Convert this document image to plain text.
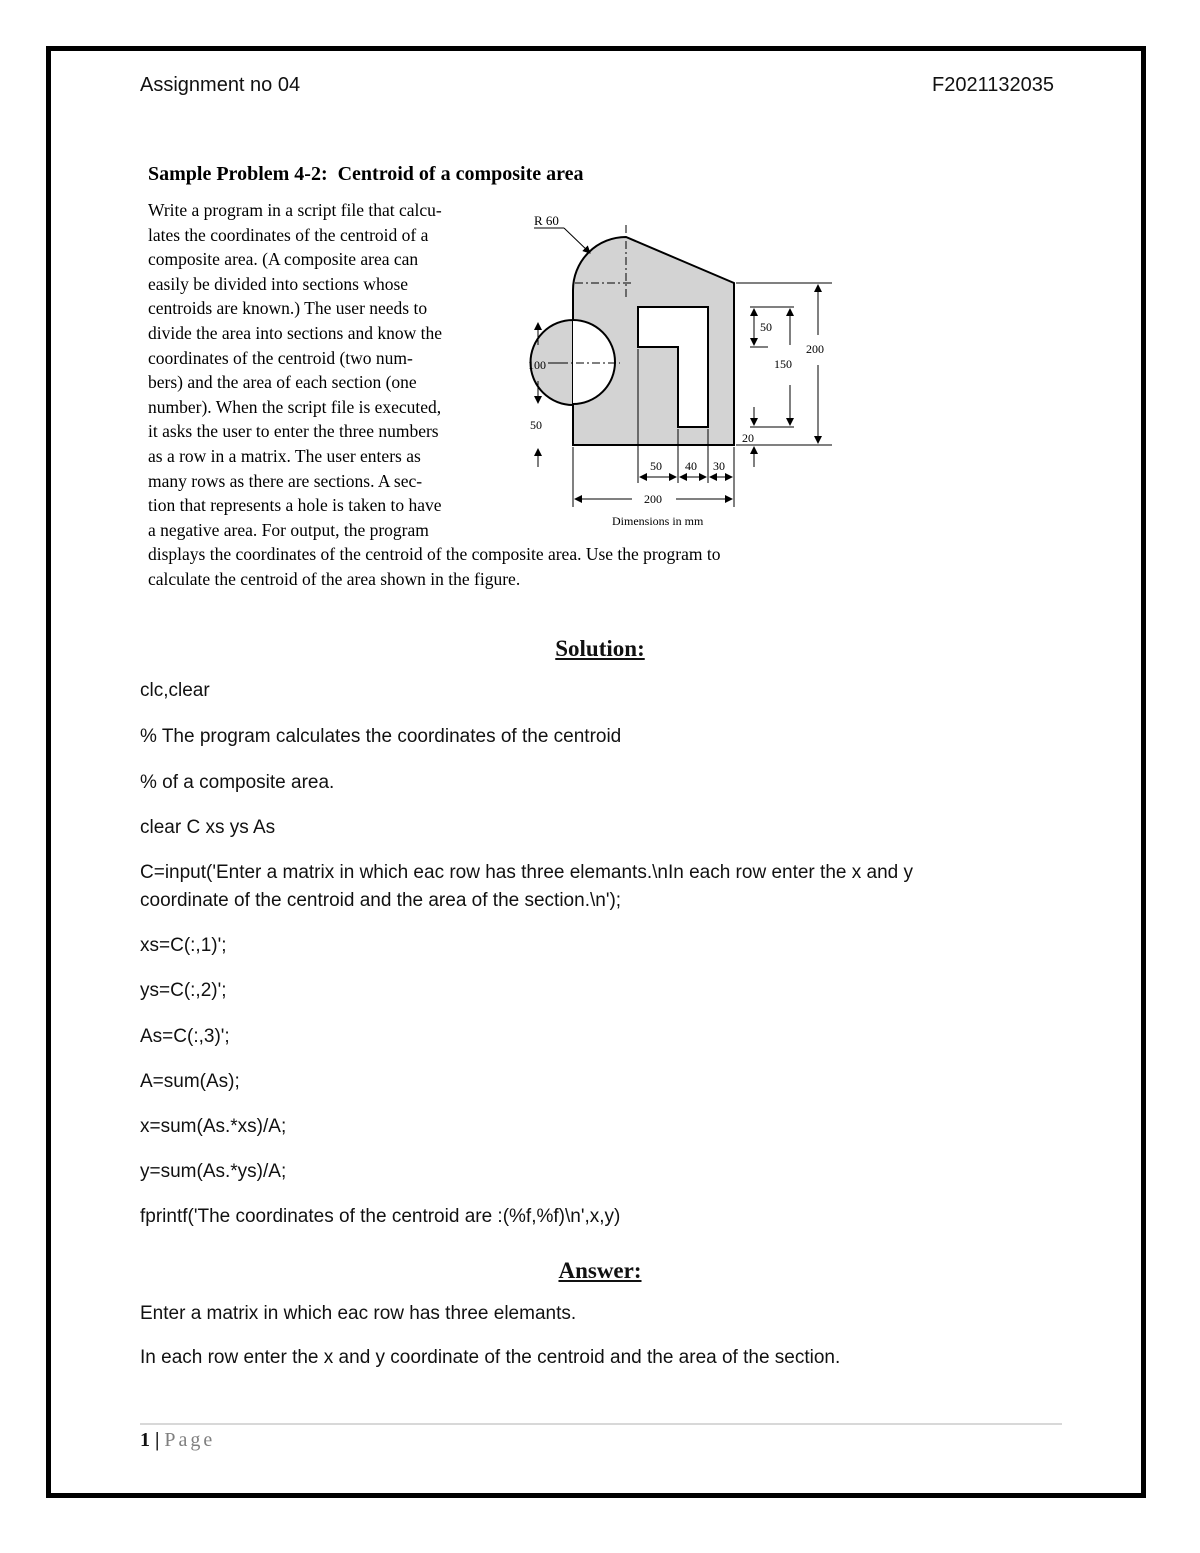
Assignment no 04	F2021132035
Sample Problem 4-2: Centroid of a composite area
Write a program in a script file that calcu-
lates the coordinates of the centroid of a
composite area. (A composite area can
easily be divided into sections whose
centroids are known.) The user needs to
divide the area into sections and know the
coordinates of the centroid (two num-
bers) and the area of each section (one
number). When the script file is executed,
it asks the user to enter the three numbers
as a row in a matrix. The user enters as
many rows as there are sections. A sec-
tion that represents a hole is taken to have
a negative area. For output, the program
displays the coordinates of the centroid of the composite area. Use the program to
calculate the centroid of the area shown in the figure.
R 60
100
50
50
150
200
20
50 40 30
200
Dimensions in mm
Solution:
clc,clear
% The program calculates the coordinates of the centroid
% of a composite area.
clear C xs ys As
C=input('Enter a matrix in which eac row has three elemants.\nIn each row enter the x and y
coordinate of the centroid and the area of the section.\n');
xs=C(:,1)';
ys=C(:,2)';
As=C(:,3)';
A=sum(As);
x=sum(As.*xs)/A;
y=sum(As.*ys)/A;
fprintf('The coordinates of the centroid are :(%f,%f)\n',x,y)
Answer:
Enter a matrix in which eac row has three elemants.
In each row enter the x and y coordinate of the centroid and the area of the section.
1 | Page
